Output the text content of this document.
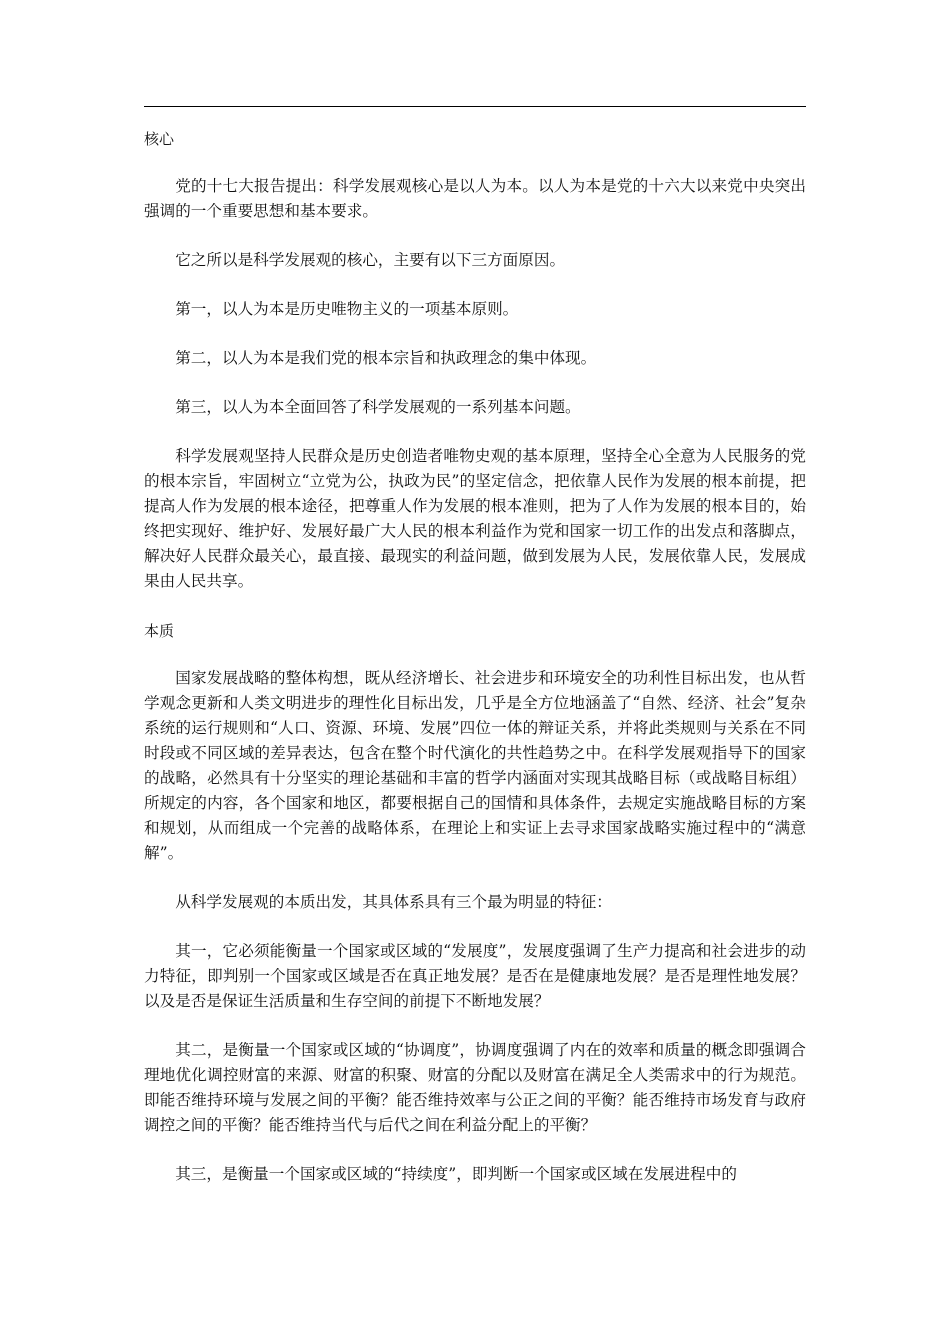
核心

党的十七大报告提出：科学发展观核心是以人为本。以人为本是党的十六大以来党中央突出强调的一个重要思想和基本要求。

它之所以是科学发展观的核心，主要有以下三方面原因。

第一，以人为本是历史唯物主义的一项基本原则。

第二，以人为本是我们党的根本宗旨和执政理念的集中体现。

第三，以人为本全面回答了科学发展观的一系列基本问题。

科学发展观坚持人民群众是历史创造者唯物史观的基本原理，坚持全心全意为人民服务的党的根本宗旨，牢固树立“立党为公，执政为民”的坚定信念，把依靠人民作为发展的根本前提，把提高人作为发展的根本途径，把尊重人作为发展的根本准则，把为了人作为发展的根本目的，始终把实现好、维护好、发展好最广大人民的根本利益作为党和国家一切工作的出发点和落脚点，解决好人民群众最关心，最直接、最现实的利益问题，做到发展为人民，发展依靠人民，发展成果由人民共享。

本质

国家发展战略的整体构想，既从经济增长、社会进步和环境安全的功利性目标出发，也从哲学观念更新和人类文明进步的理性化目标出发，几乎是全方位地涵盖了“自然、经济、社会”复杂系统的运行规则和“人口、资源、环境、发展”四位一体的辩证关系，并将此类规则与关系在不同时段或不同区域的差异表达，包含在整个时代演化的共性趋势之中。在科学发展观指导下的国家的战略，必然具有十分坚实的理论基础和丰富的哲学内涵面对实现其战略目标（或战略目标组）所规定的内容，各个国家和地区，都要根据自己的国情和具体条件，去规定实施战略目标的方案和规划，从而组成一个完善的战略体系，在理论上和实证上去寻求国家战略实施过程中的“满意解”。

从科学发展观的本质出发，其具体系具有三个最为明显的特征：

其一，它必须能衡量一个国家或区域的“发展度”，发展度强调了生产力提高和社会进步的动力特征，即判别一个国家或区域是否在真正地发展？是否在是健康地发展？是否是理性地发展？以及是否是保证生活质量和生存空间的前提下不断地发展？

其二，是衡量一个国家或区域的“协调度”，协调度强调了内在的效率和质量的概念即强调合理地优化调控财富的来源、财富的积聚、财富的分配以及财富在满足全人类需求中的行为规范。即能否维持环境与发展之间的平衡？能否维持效率与公正之间的平衡？能否维持市场发育与政府调控之间的平衡？能否维持当代与后代之间在利益分配上的平衡？

其三，是衡量一个国家或区域的“持续度”，即判断一个国家或区域在发展进程中的
